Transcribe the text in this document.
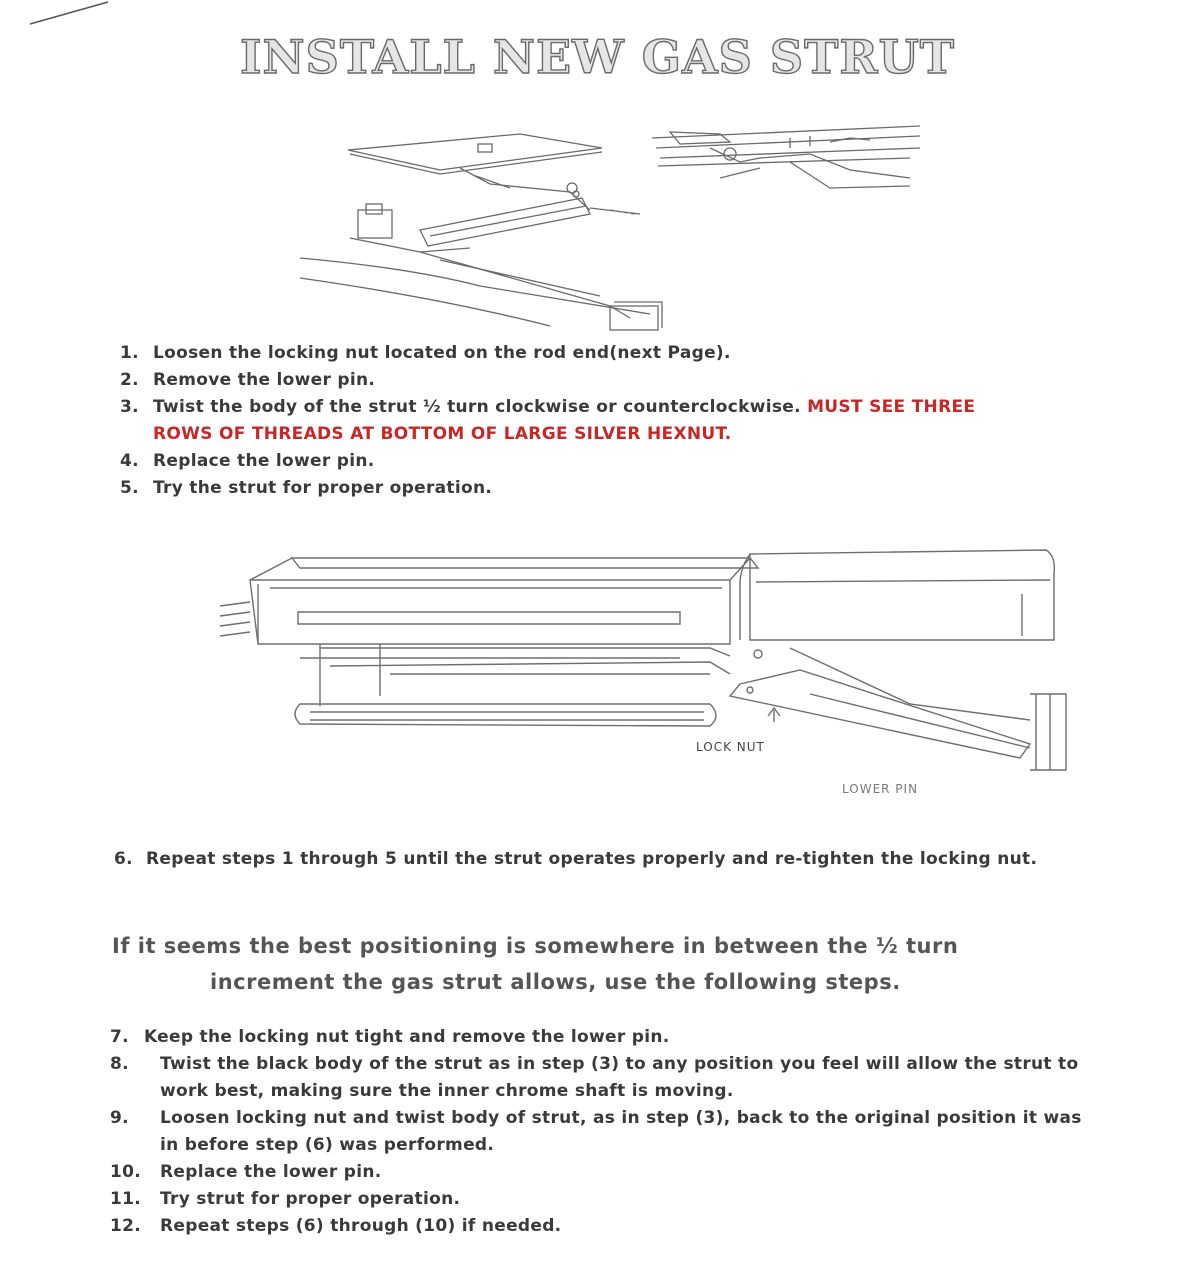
INSTALL NEW GAS STRUT
1. Loosen the locking nut located on the rod end(next Page).
2. Remove the lower pin.
3. Twist the body of the strut ½ turn clockwise or counterclockwise. MUST SEE THREE ROWS OF THREADS AT BOTTOM OF LARGE SILVER HEXNUT.
4. Replace the lower pin.
5. Try the strut for proper operation.
LOCK NUT
LOWER PIN
6. Repeat steps 1 through 5 until the strut operates properly and re-tighten the locking nut.
If it seems the best positioning is somewhere in between the ½ turn
increment the gas strut allows, use the following steps.
7. Keep the locking nut tight and remove the lower pin.
8. Twist the black body of the strut as in step (3) to any position you feel will allow the strut to work best, making sure the inner chrome shaft is moving.
9. Loosen locking nut and twist body of strut, as in step (3), back to the original position it was in before step (6) was performed.
10. Replace the lower pin.
11. Try strut for proper operation.
12. Repeat steps (6) through (10) if needed.
